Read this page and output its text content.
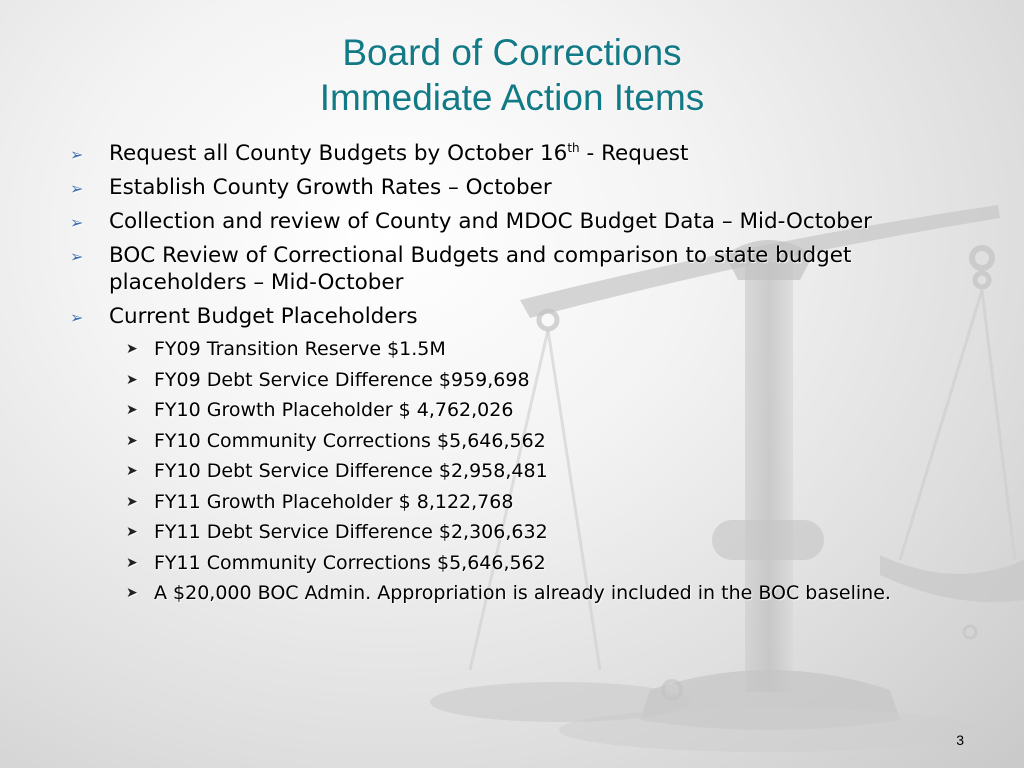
Board of Corrections
Immediate Action Items
➢ Request all County Budgets by October 16th - Request
➢ Establish County Growth Rates – October
➢ Collection and review of County and MDOC Budget Data – Mid-October
➢ BOC Review of Correctional Budgets and comparison to state budget placeholders – Mid-October
➢ Current Budget Placeholders
➤ FY09 Transition Reserve $1.5M
➤ FY09 Debt Service Difference $959,698
➤ FY10 Growth Placeholder $ 4,762,026
➤ FY10 Community Corrections $5,646,562
➤ FY10 Debt Service Difference $2,958,481
➤ FY11 Growth Placeholder $ 8,122,768
➤ FY11 Debt Service Difference $2,306,632
➤ FY11 Community Corrections $5,646,562
➤ A $20,000 BOC Admin. Appropriation is already included in the BOC baseline.
3
